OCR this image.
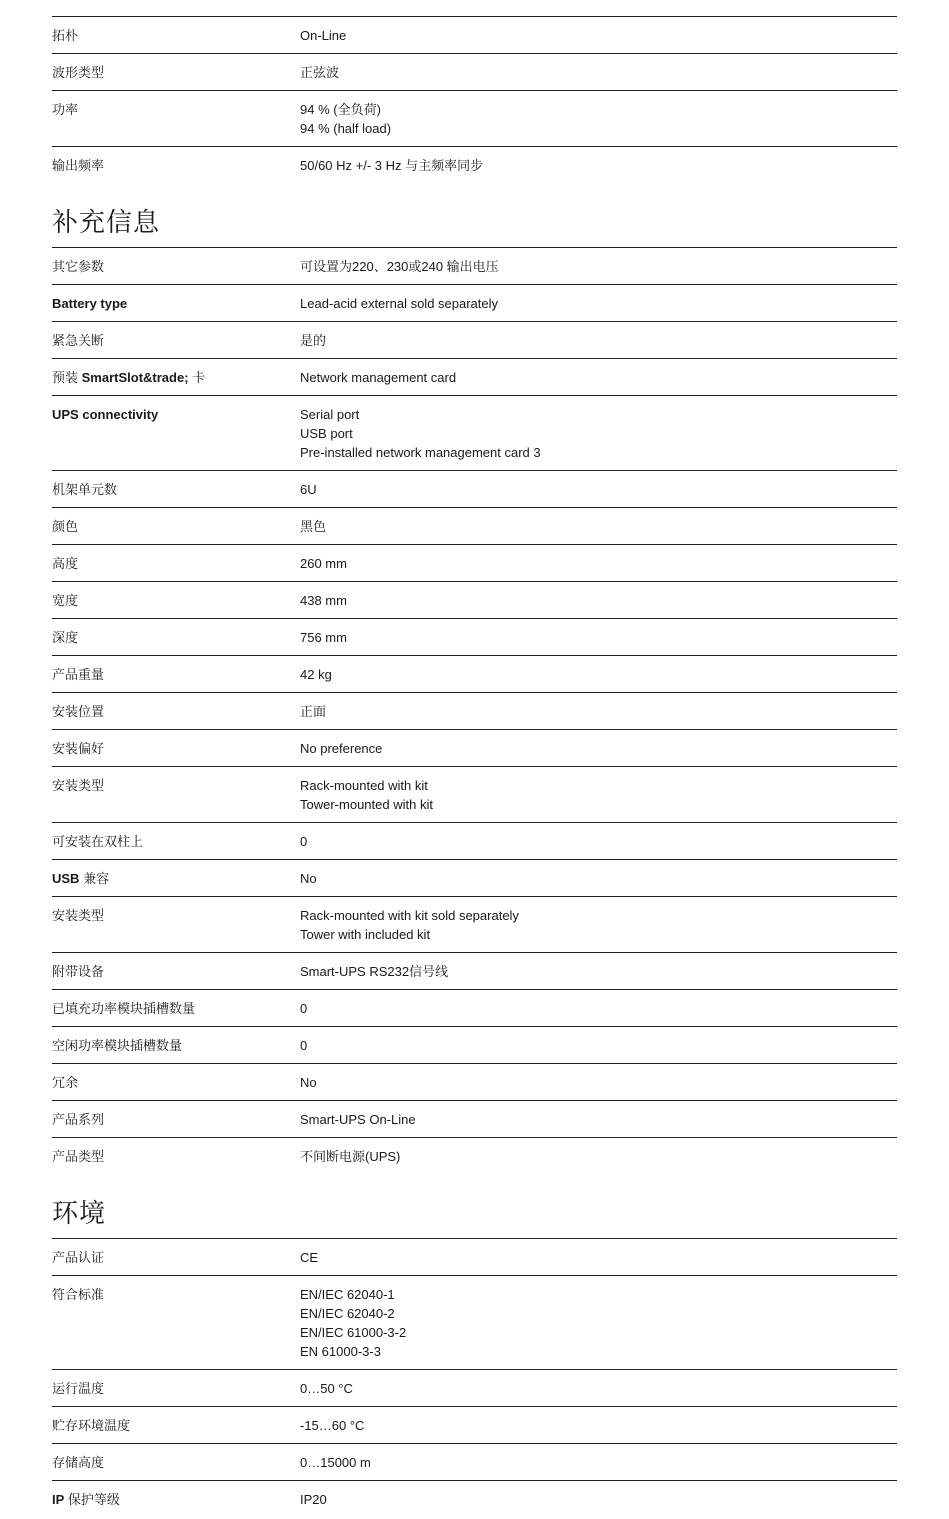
拓朴	On-Line
波形类型	正弦波
功率	94 % (全负荷)
94 % (half load)
输出频率	50/60 Hz +/- 3 Hz 与主频率同步
补充信息
其它参数	可设置为220、230或240 输出电压
Battery type	Lead-acid external sold separately
紧急关断	是的
预装 SmartSlot&trade; 卡	Network management card
UPS connectivity	Serial port
USB port
Pre-installed network management card 3
机架单元数	6U
颜色	黑色
高度	260 mm
宽度	438 mm
深度	756 mm
产品重量	42 kg
安装位置	正面
安装偏好	No preference
安装类型	Rack-mounted with kit
Tower-mounted with kit
可安装在双柱上	0
USB 兼容	No
安装类型	Rack-mounted with kit sold separately
Tower with included kit
附带设备	Smart-UPS RS232信号线
已填充功率模块插槽数量	0
空闲功率模块插槽数量	0
冗余	No
产品系列	Smart-UPS On-Line
产品类型	不间断电源(UPS)
环境
产品认证	CE
符合标准	EN/IEC 62040-1
EN/IEC 62040-2
EN/IEC 61000-3-2
EN 61000-3-3
运行温度	0…50 °C
贮存环境温度	-15…60 °C
存储高度	0…15000 m
IP 保护等级	IP20
